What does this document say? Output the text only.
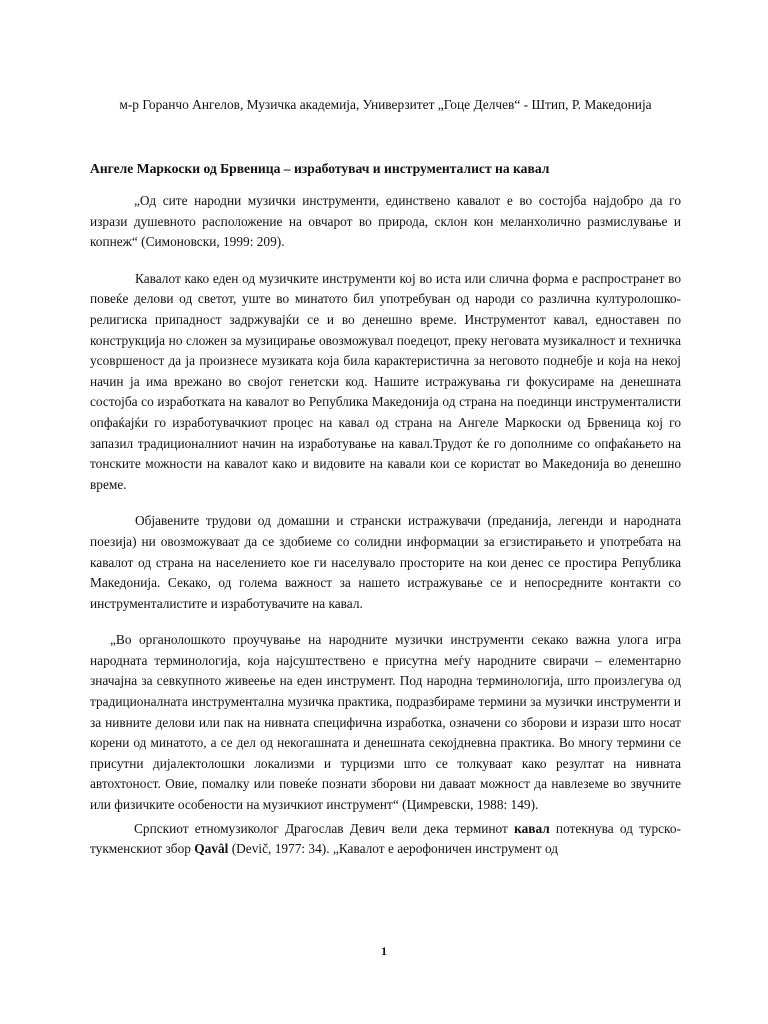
м-р Горанчо Ангелов, Музичка академија, Универзитет „Гоце Делчев“ - Штип, Р. Македонија

Ангеле Маркоски од Брвеница – изработувач и инструменталист на кавал

„Од сите народни музички инструменти, единствено кавалот е во состојба најдобро да го изрази душевното расположение на овчарот во природа, склон кон меланхолично размислување и копнеж“ (Симоновски, 1999: 209).

Кавалот како еден од музичките инструменти кој во иста или слична форма е распространет во повеќе делови од светот, уште во минатото бил употребуван од народи со различна културолошко-религиска припадност задржувајќи се и во денешно време. Инструментот кавал, едноставен по конструкција но сложен за музицирање овозможувал поедецот, преку неговата музикалност и техничка усовршеност да ја произнесе музиката која била карактеристична за неговото поднебје и која на некој начин ја има врежано во својот генетски код. Нашите истражувања ги фокусираме на денешната состојба со изработката на кавалот во Република Македонија од страна на поединци инструменталисти опфаќајќи го изработувачкиот процес на кавал од страна на Ангеле Маркоски од Брвеница кој го запазил традиционалниот начин на изработување на кавал.Трудот ќе го дополниме со опфаќањето на тонските можности на кавалот како и видовите на кавали кои се користат во Македонија во денешно време.

Објавените трудови од домашни и странски истражувачи (преданија, легенди и народната поезија) ни овозможуваат да се здобиеме со солидни информации за егзистирањето и употребата на кавалот од страна на населението кое ги населувало просторите на кои денес се простира Република Македонија. Секако, од голема важност за нашето истражување се и непосредните контакти со инструменталистите и изработувачите на кавал.

„Во органолошкото проучување на народните музички инструменти секако важна улога игра народната терминологија, која најсуштествено е присутна меѓу народните свирачи – елементарно значајна за севкупното живеење на еден инструмент. Под народна терминологија, што произлегува од традиционалната инструментална музичка практика, подразбираме термини за музички инструменти и за нивните делови или пак на нивната специфична изработка, означени со зборови и изрази што носат корени од минатото, а се дел од некогашната и денешната секојдневна практика. Во многу термини се присутни дијалектолошки локализми и турцизми што се толкуваат како резултат на нивната автохтоност. Овие, помалку или повеќе познати зборови ни даваат можност да навлеземе во звучните или физичките особености на музичкиот инструмент“ (Цимревски, 1988: 149).

Српскиот етномузиколог Драгослав Девич вели дека терминот кавал потекнува од турско-тукменскиот збор Qavâl (Devič, 1977: 34). „Кавалот е аерофоничен инструмент од

1
